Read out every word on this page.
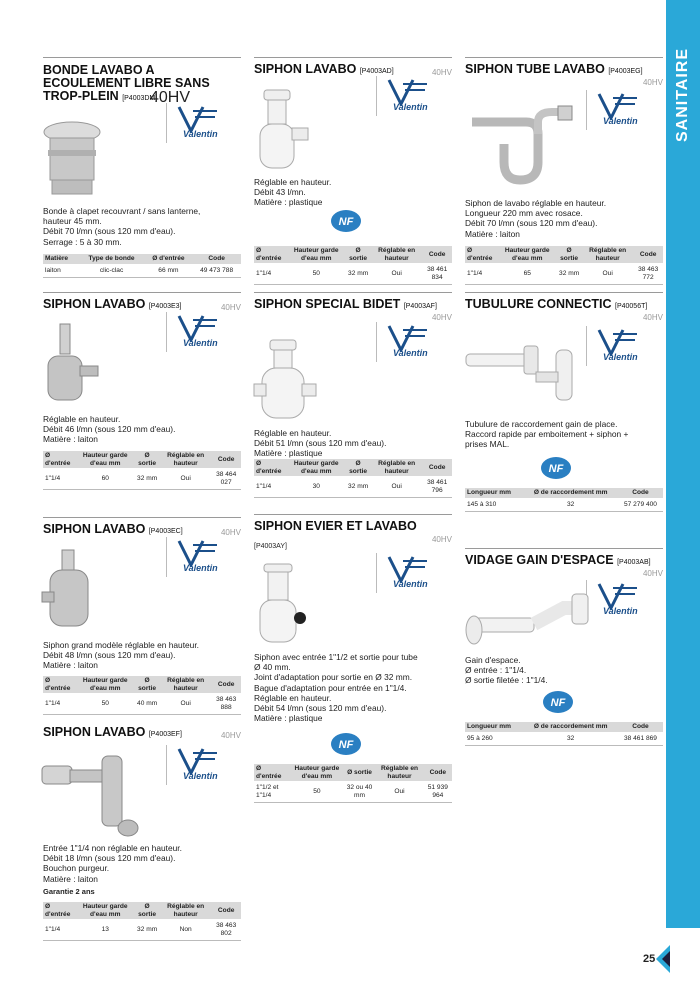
SANITAIRE
25
BONDE LAVABO A ECOULEMENT LIBRE SANS TROP-PLEIN [P4003DM]
40HV
Valentin
Bonde à clapet recouvrant / sans lanterne,
hauteur 45 mm.
Débit 70 l/mn (sous 120 mm d'eau).
Serrage : 5 à 30 mm.
Matière	Type de bonde	Ø d'entrée	Code
laiton	clic-clac	66 mm	49 473 788
SIPHON LAVABO [P4003E3]	40HV
Valentin
Réglable en hauteur.
Débit 46 l/mn (sous 120 mm d'eau).
Matière : laiton
Ø d'entrée	Hauteur garde d'eau mm	Ø sortie	Réglable en hauteur	Code
1"1/4	60	32 mm	Oui	38 464 027
SIPHON LAVABO [P4003EC]	40HV
Valentin
Siphon grand modèle réglable en hauteur.
Débit 48 l/mn (sous 120 mm d'eau).
Matière : laiton
Ø d'entrée	Hauteur garde d'eau mm	Ø sortie	Réglable en hauteur	Code
1"1/4	50	40 mm	Oui	38 463 888
SIPHON LAVABO [P4003EF]	40HV
Valentin
Entrée 1"1/4 non réglable en hauteur.
Débit 18 l/mn (sous 120 mm d'eau).
Bouchon purgeur.
Matière : laiton
Garantie 2 ans
Ø d'entrée	Hauteur garde d'eau mm	Ø sortie	Réglable en hauteur	Code
1"1/4	13	32 mm	Non	38 463 802
SIPHON LAVABO [P4003AD]	40HV
Valentin
Réglable en hauteur.
Débit 43 l/mn.
Matière : plastique
NF
Ø d'entrée	Hauteur garde d'eau mm	Ø sortie	Réglable en hauteur	Code
1"1/4	50	32 mm	Oui	38 461 834
SIPHON SPECIAL BIDET [P4003AF]
40HV
Valentin
Réglable en hauteur.
Débit 51 l/mn (sous 120 mm d'eau).
Matière : plastique
Ø d'entrée	Hauteur garde d'eau mm	Ø sortie	Réglable en hauteur	Code
1"1/4	30	32 mm	Oui	38 461 796
SIPHON EVIER ET LAVABO
[P4003AY]
40HV
Valentin
Siphon avec entrée 1"1/2 et sortie pour tube
Ø 40 mm.
Joint d'adaptation pour sortie en Ø 32 mm.
Bague d'adaptation pour entrée en 1"1/4.
Réglable en hauteur.
Débit 54 l/mn (sous 120 mm d'eau).
Matière : plastique
NF
Ø d'entrée	Hauteur garde d'eau mm	Ø sortie	Réglable en hauteur	Code
1"1/2 et 1"1/4	50	32 ou 40 mm	Oui	51 939 964
SIPHON TUBE LAVABO [P4003EG]
40HV
Valentin
Siphon de lavabo réglable en hauteur.
Longueur 220 mm avec rosace.
Débit 70 l/mn (sous 120 mm d'eau).
Matière : laiton
Ø d'entrée	Hauteur garde d'eau mm	Ø sortie	Réglable en hauteur	Code
1"1/4	65	32 mm	Oui	38 463 772
TUBULURE CONNECTIC [P40056T]
40HV
Valentin
Tubulure de raccordement gain de place.
Raccord rapide par emboitement + siphon +
prises MAL.
NF
Longueur mm	Ø de raccordement mm	Code
145 à 310	32	57 279 400
VIDAGE GAIN D'ESPACE [P4003AB]
40HV
Valentin
Gain d'espace.
Ø entrée : 1"1/4.
Ø sortie filetée : 1"1/4.
NF
Longueur mm	Ø de raccordement mm	Code
95 à 260	32	38 461 869
